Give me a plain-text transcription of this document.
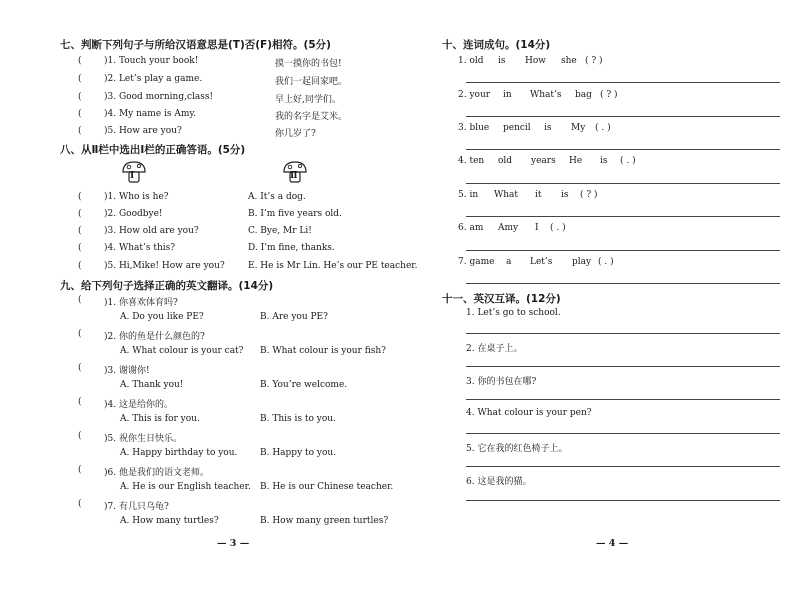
七、判断下列句子与所给汉语意思是(T)否(F)相符。(5分)
( )1. Touch your book!	摸一摸你的书包!
( )2. Let’s play a game.	我们一起回家吧。
( )3. Good morning,class!	早上好,同学们。
( )4. My name is Amy.	我的名字是艾米。
( )5. How are you?	你几岁了?
八、从Ⅱ栏中选出Ⅰ栏的正确答语。(5分)
Ⅰ	Ⅱ
( )1. Who is he?	A. It’s a dog.
( )2. Goodbye!	B. I’m five years old.
( )3. How old are you?	C. Bye, Mr Li!
( )4. What’s this?	D. I’m fine, thanks.
( )5. Hi,Mike! How are you?	E. He is Mr Lin. He’s our PE teacher.
九、给下列句子选择正确的英文翻译。(14分)
( )1. 你喜欢体育吗?
A. Do you like PE?	B. Are you PE?
( )2. 你的鱼是什么颜色的?
A. What colour is your cat? B. What colour is your fish?
( )3. 谢谢你!
A. Thank you!	B. You’re welcome.
( )4. 这是给你的。
A. This is for you.	B. This is to you.
( )5. 祝你生日快乐。
A. Happy birthday to you.	B. Happy to you.
( )6. 他是我们的语文老师。
A. He is our English teacher. B. He is our Chinese teacher.
( )7. 有几只乌龟?
A. How many turtles?	B. How many green turtles?
— 3 —
十、连词成句。(14分)
1. old is How she ( ? )
2. your in What’s bag ( ? )
3. blue pencil is My ( . )
4. ten old years He is ( . )
5. in What it is ( ? )
6. am Amy I ( . )
7. game a Let’s play ( . )
十一、英汉互译。(12分)
1. Let’s go to school.
2. 在桌子上。
3. 你的书包在哪?
4. What colour is your pen?
5. 它在我的红色椅子上。
6. 这是我的猫。
— 4 —
